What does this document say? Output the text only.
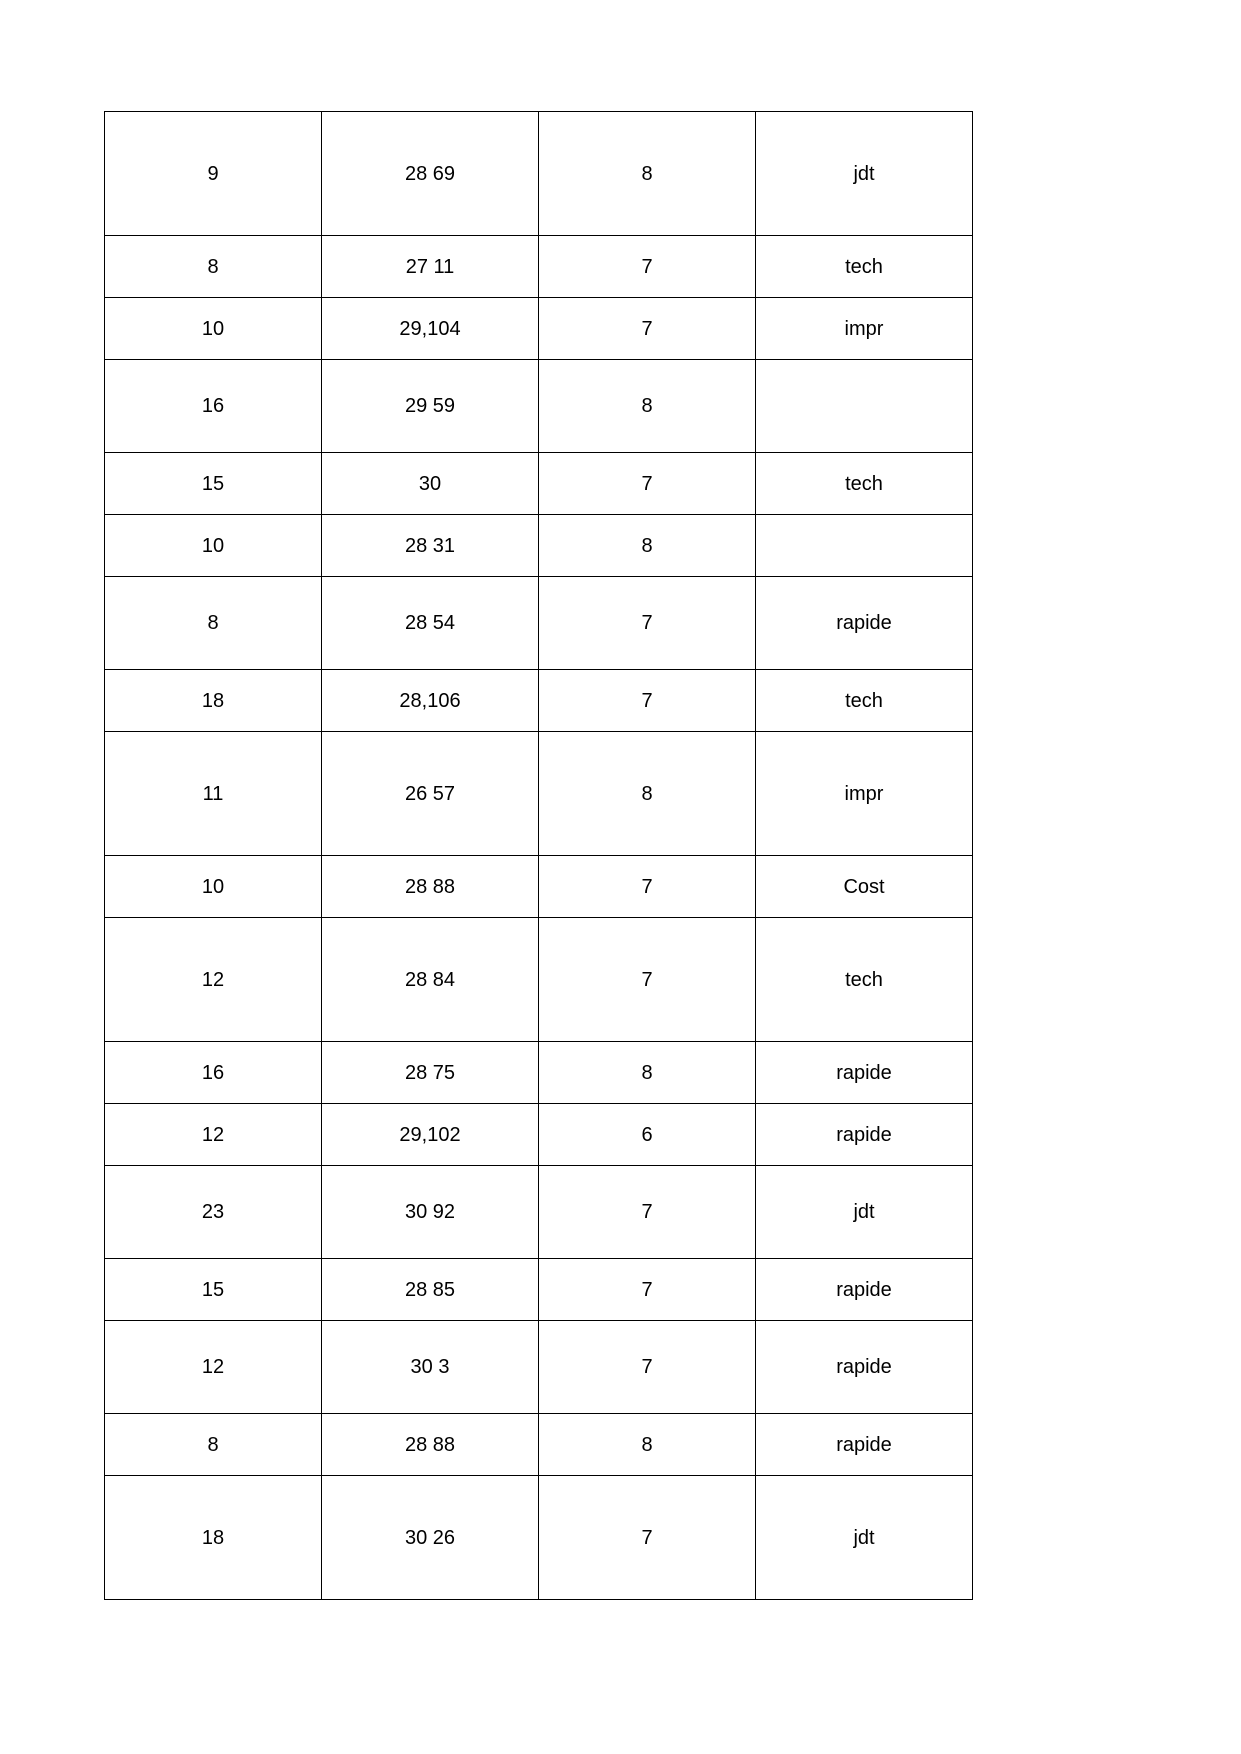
9	28 69	8	jdt
8	27 11	7	tech
10	29,104	7	impr
16	29 59	8	
15	30	7	tech
10	28 31	8	
8	28 54	7	rapide
18	28,106	7	tech
11	26 57	8	impr
10	28 88	7	Cost
12	28 84	7	tech
16	28 75	8	rapide
12	29,102	6	rapide
23	30 92	7	jdt
15	28 85	7	rapide
12	30 3	7	rapide
8	28 88	8	rapide
18	30 26	7	jdt
